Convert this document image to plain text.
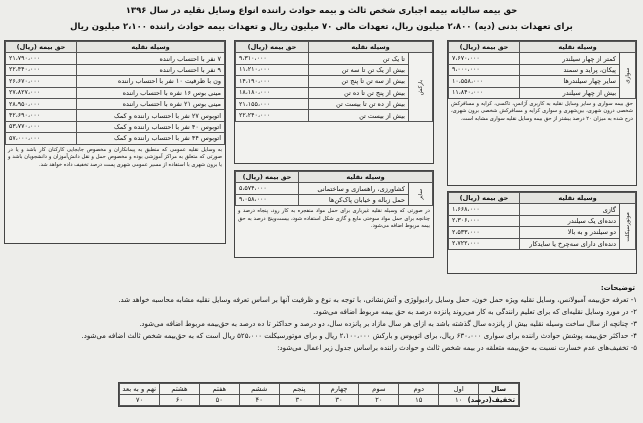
حق بیمه سالیانه بیمه اجباری شخص ثالث و بیمه حوادث راننده انواع وسایل نقلیه در سال ۱۳۹۶
برای تعهدات بدنی (دیه) ۲،۸۰۰ میلیون ریال، تعهدات مالی ۷۰ میلیون ریال و تعهدات بیمه حوادث راننده ۲،۱۰۰ میلیون ریال
وسیله نقلیه		حق بیمه (ریال)
سواری	کمتر از چهار سیلندر	۷،۶۷۰،۰۰۰
	پیکان، پراید و سمند	۹،۰۰۰،۰۰۰
	سایر چهار سیلندرها	۱۰،۵۵۸،۰۰۰
	بیش از چهار سیلندر	۱۱،۸۴۰،۰۰۰
حق بیمه سواری و سایر وسایل نقلیه به کاربری آژانس، تاکسی، کرایه و مسافرکش شخصی درون شهری، بین‌شهری و سواری کرایه و مسافرکش شخصی برون شهری، درج شده به میزان ۲۰ درصد بیشتر از حق بیمه وسایل نقلیه سواری مشابه است.
وسیله نقلیه		حق بیمه (ریال)
موتورسیکلت	گازی	۱،۶۶۸،۰۰۰
	دنده‌ای یک سیلندر	۲،۳۰۶،۰۰۰
	دو سیلندر و به بالا	۲،۵۳۳،۰۰۰
	دنده‌ای دارای سه‌چرخ یا سایدکار	۲،۷۲۲،۰۰۰
وسیله نقلیه		حق بیمه (ریال)
بارکش	تا یک تن	۹،۳۱۰،۰۰۰
	بیش از یک تن تا سه تن	۱۱،۲۱۰،۰۰۰
	بیش از سه تن تا پنج تن	۱۴،۱۹۰،۰۰۰
	بیش از پنج تن تا ده تن	۱۸،۱۸۰،۰۰۰
	بیش از ده تن تا بیست تن	۲۱،۱۵۵،۰۰۰
	بیش از بیست تن	۲۲،۲۴۰،۰۰۰
وسیله نقلیه		حق بیمه (ریال)
سایر	کشاورزی، راهسازی و ساختمانی	۵،۵۷۴،۰۰۰
	حمل زباله و خیابان پاک‌کن‌ها	۹،۰۵۸،۰۰۰
در صورتی که وسیله نقلیه غیرباری برای حمل مواد منفجره به کار رود، پنجاه درصد و چنانچه برای حمل مواد سوختی مایع و گازی شکل استفاده شود، بیست‌وپنج درصد به حق بیمه مربوط اضافه می‌شود.
وسیله نقلیه	حق بیمه (ریال)
۷ نفر با احتساب راننده	۲۱،۷۹۰،۰۰۰
۹ نفر با احتساب راننده	۲۲،۴۴۰،۰۰۰
ون با ظرفیت ۱۰ نفر با احتساب راننده	۲۶،۶۷۰،۰۰۰
مینی بوس ۱۶ نفره با احتساب راننده	۲۷،۸۲۷،۰۰۰
مینی بوس ۲۱ نفره با احتساب راننده	۲۸،۹۵۰،۰۰۰
اتوبوس ۲۷ نفر با احتساب راننده و کمک	۴۲،۶۹۰،۰۰۰
اتوبوس ۴۰ نفر با احتساب راننده و کمک	۵۳،۷۷۰،۰۰۰
اتوبوس ۴۴ نفر با احتساب راننده و کمک	۵۷،۰۰۰،۰۰۰
به وسایل نقلیه عمومی که منطبق به پیمانکاران و مخصوص جابجایی کارکنان کار باشد و یا در صورتی که متعلق به مراکز آموزشی بوده و مخصوص حمل و نقل دانش‌آموزان و دانشجویان باشد و یا برون شهری با استفاده از مسیر عمومی شهری پست درصد تخفیف داده خواهد شد.
توضیحات:
۱- تعرفه حق‌بیمه آمبولانس، وسایل نقلیه ویژه حمل خون، حمل وسایل رادیولوژی و آتش‌نشانی، با توجه به نوع و ظرفیت آنها بر اساس تعرفه وسایل نقلیه مشابه محاسبه خواهد شد.
۲- در مورد وسایل نقلیه‌ای که برای تعلیم رانندگی به کار می‌روند پانزده درصد به حق بیمه مربوط اضافه می‌شود.
۳- چنانچه از سال ساخت وسیله نقلیه بیش از پانزده سال گذشته باشد به ازای هر سال مازاد بر پانزده سال، دو درصد و حداکثر تا ده درصد به حق‌بیمه مربوط اضافه می‌شود.
۴- حداکثر حق‌بیمه پوشش حوادث راننده برای سواری ۶۳۰،۰۰۰ ریال، برای اتوبوس و بارکش ۲،۱۰۰،۰۰۰ ریال و برای موتورسیکلت ۵۲۵،۰۰۰ ریال است که به حق‌بیمه شخص ثالث اضافه می‌شود.
۵- تخفیف‌های عدم خسارت نسبت به حق‌بیمه متعلقه در بیمه شخص ثالث و حوادث راننده براساس جدول زیر اعمال می‌شود:
سال	اول	دوم	سوم	چهارم	پنجم	ششم	هفتم	هشتم	نهم و به بعد
تخفیف(درصد)	۱۰	۱۵	۲۰	۳۰	۳۰	۴۰	۵۰	۶۰	۷۰
